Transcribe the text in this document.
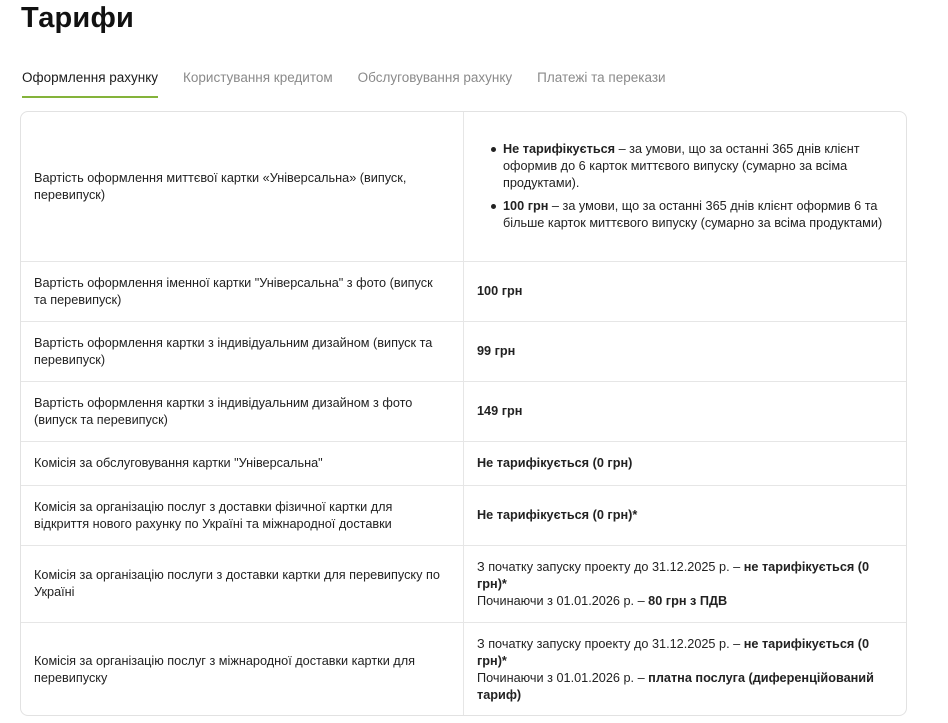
Тарифи
Оформлення рахунку Користування кредитом Обслуговування рахунку Платежі та перекази
Вартість оформлення миттєвої картки «Універсальна» (випуск, перевипуск)
Не тарифікується – за умови, що за останні 365 днів клієнт оформив до 6 карток миттєвого випуску (сумарно за всіма продуктами).
100 грн – за умови, що за останні 365 днів клієнт оформив 6 та більше карток миттєвого випуску (сумарно за всіма продуктами)
Вартість оформлення іменної картки "Універсальна" з фото (випуск та перевипуск)
100 грн
Вартість оформлення картки з індивідуальним дизайном (випуск та перевипуск)
99 грн
Вартість оформлення картки з індивідуальним дизайном з фото (випуск та перевипуск)
149 грн
Комісія за обслуговування картки "Універсальна"	Не тарифікується (0 грн)
Комісія за організацію послуг з доставки фізичної картки для відкриття нового рахунку по Україні та міжнародної доставки
Не тарифікується (0 грн)*
Комісія за організацію послуги з доставки картки для перевипуску по Україні
З початку запуску проекту до 31.12.2025 р. – не тарифікується (0 грн)*
Починаючи з 01.01.2026 р. – 80 грн з ПДВ
Комісія за організацію послуг з міжнародної доставки картки для перевипуску
З початку запуску проекту до 31.12.2025 р. – не тарифікується (0 грн)*
Починаючи з 01.01.2026 р. – платна послуга (диференційований тариф)
